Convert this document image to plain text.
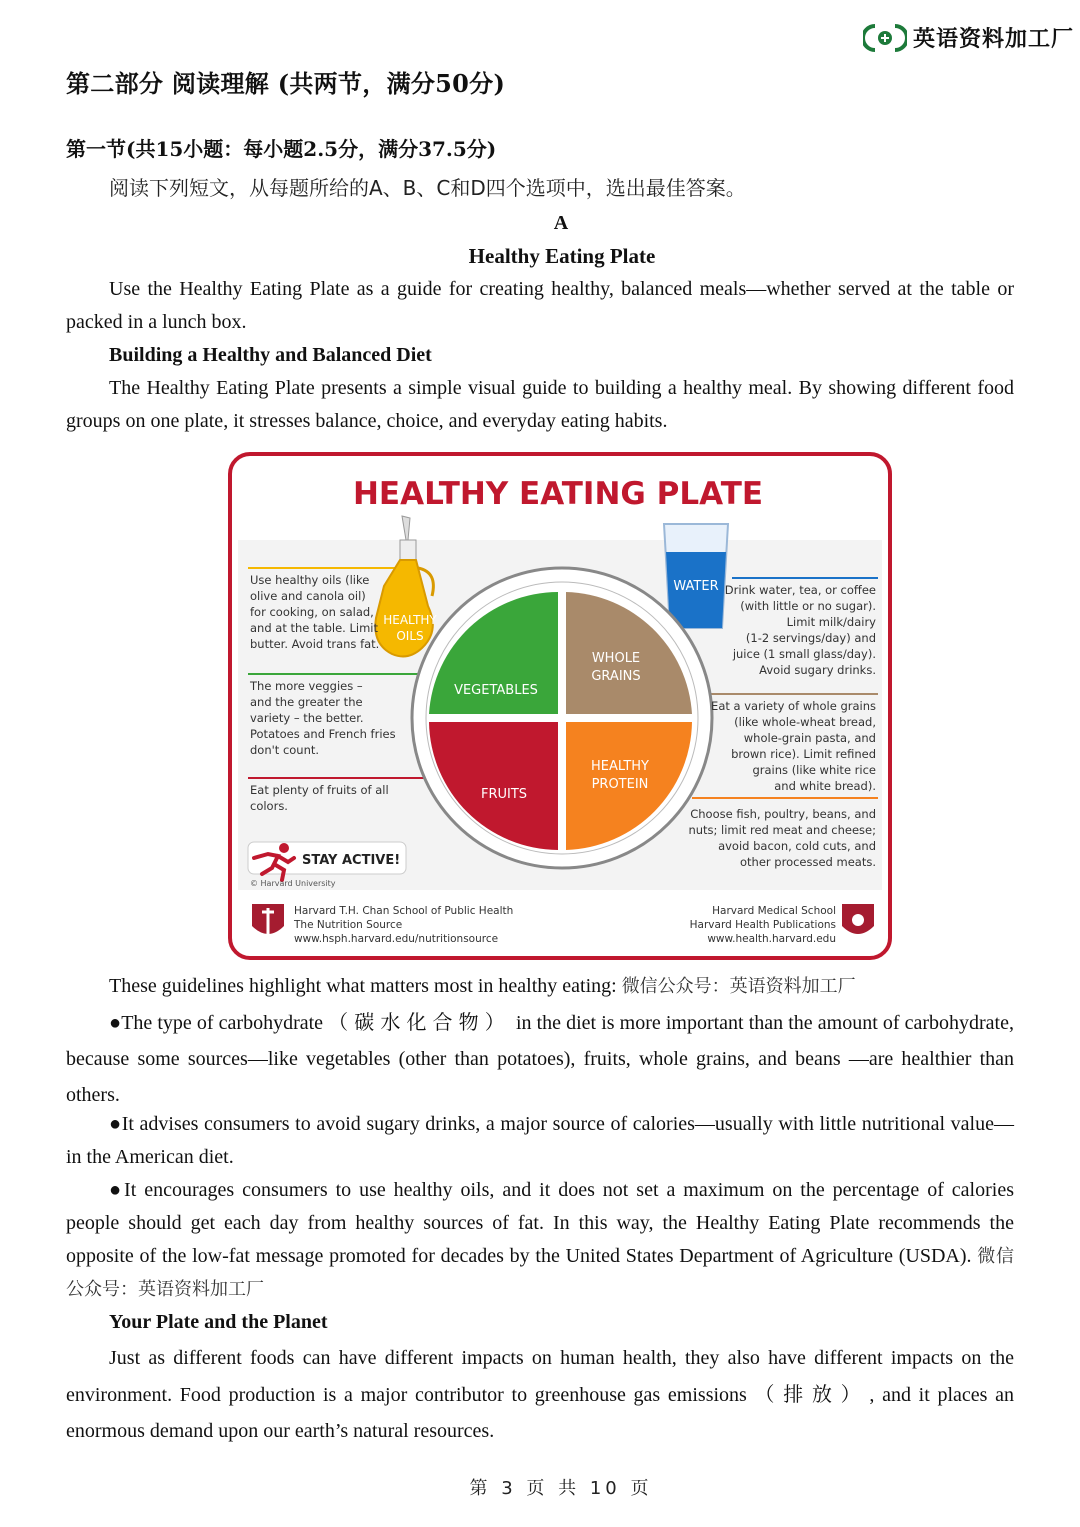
英语资料加工厂
第二部分 阅读理解 (共两节，满分50分)
第一节(共15小题：每小题2.5分，满分37.5分)
阅读下列短文，从每题所给的A、B、C和D四个选项中，选出最佳答案。
A
Healthy Eating Plate

Use the Healthy Eating Plate as a guide for creating healthy, balanced meals—whether served at the table or packed in a lunch box.

Building a Healthy and Balanced Diet

The Healthy Eating Plate presents a simple visual guide to building a healthy meal. By showing different food groups on one plate, it stresses balance, choice, and everyday eating habits.

HEALTHY EATING PLATE
HEALTHY
OILS
WATER
VEGETABLES
FRUITS
WHOLE
GRAINS
HEALTHY
PROTEIN
Use healthy oils (like
olive and canola oil)
for cooking, on salad,
and at the table. Limit
butter. Avoid trans fat.
The more veggies –
and the greater the
variety – the better.
Potatoes and French fries
don't count.
Eat plenty of fruits of all
colors.
Drink water, tea, or coffee
(with little or no sugar).
Limit milk/dairy
(1-2 servings/day) and
juice (1 small glass/day).
Avoid sugary drinks.
Eat a variety of whole grains
(like whole-wheat bread,
whole-grain pasta, and
brown rice). Limit refined
grains (like white rice
and white bread).
Choose fish, poultry, beans, and
nuts; limit red meat and cheese;
avoid bacon, cold cuts, and
other processed meats.
STAY ACTIVE!
© Harvard University
Harvard T.H. Chan School of Public Health
The Nutrition Source
www.hsph.harvard.edu/nutritionsource
Harvard Medical School
Harvard Health Publications
www.health.harvard.edu

These guidelines highlight what matters most in healthy eating: 微信公众号：英语资料加工厂

●The type of carbohydrate （碳水化合物） in the diet is more important than the amount of carbohydrate, because some sources—like vegetables (other than potatoes), fruits, whole grains, and beans —are healthier than others.

●It advises consumers to avoid sugary drinks, a major source of calories—usually with little nutritional value— in the American diet.

●It encourages consumers to use healthy oils, and it does not set a maximum on the percentage of calories people should get each day from healthy sources of fat. In this way, the Healthy Eating Plate recommends the opposite of the low-fat message promoted for decades by the United States Department of Agriculture (USDA). 微信公众号：英语资料加工厂

Your Plate and the Planet

Just as different foods can have different impacts on human health, they also have different impacts on the environment. Food production is a major contributor to greenhouse gas emissions （排放）, and it places an enormous demand upon our earth’s natural resources.

第 3 页 共 10 页
